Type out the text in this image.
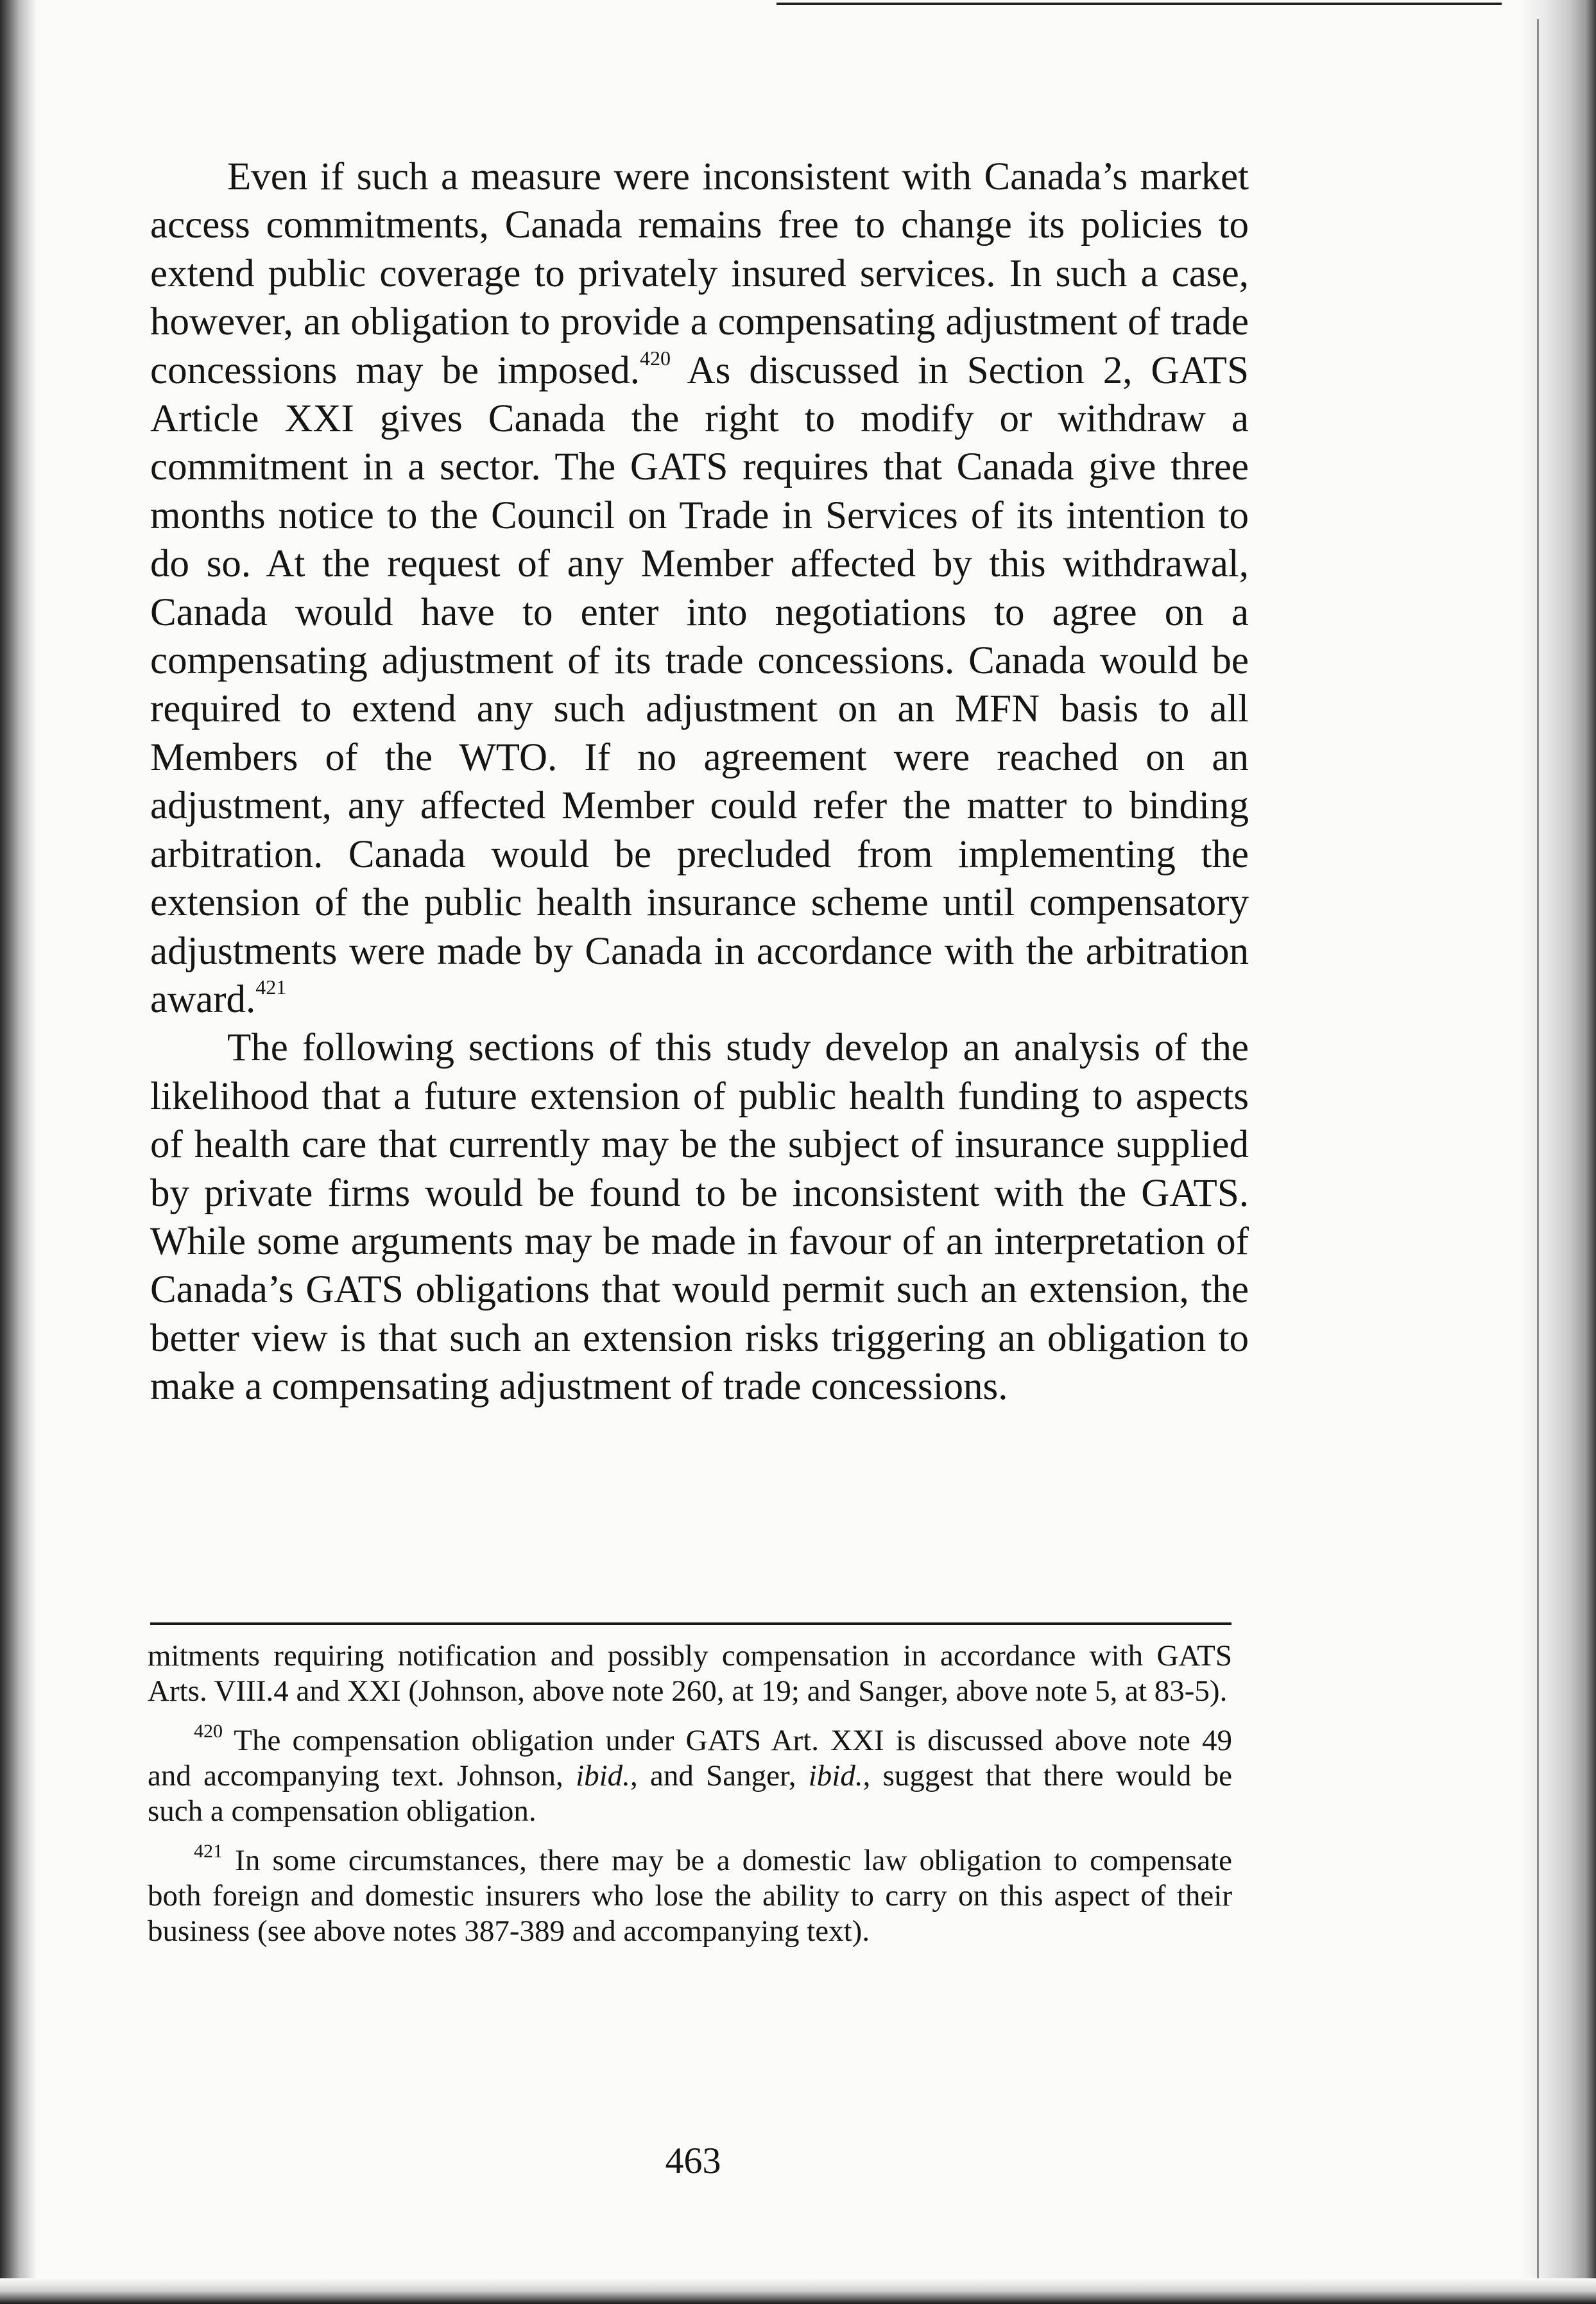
Even if such a measure were inconsistent with Canada’s market access commitments, Canada remains free to change its policies to extend public coverage to privately insured services. In such a case, however, an obligation to provide a compensating adjustment of trade concessions may be imposed.$^{420}$ As discussed in Section 2, GATS Article XXI gives Canada the right to modify or withdraw a commitment in a sector. The GATS requires that Canada give three months notice to the Council on Trade in Services of its intention to do so. At the request of any Member affected by this withdrawal, Canada would have to enter into negotiations to agree on a compensating adjustment of its trade concessions. Canada would be required to extend any such adjustment on an MFN basis to all Members of the WTO. If no agreement were reached on an adjustment, any affected Member could refer the matter to binding arbitration. Canada would be precluded from implementing the extension of the public health insurance scheme until compensatory adjustments were made by Canada in accordance with the arbitration award.$^{421}$

The following sections of this study develop an analysis of the likelihood that a future extension of public health funding to aspects of health care that currently may be the subject of insurance supplied by private firms would be found to be inconsistent with the GATS. While some arguments may be made in favour of an interpretation of Canada’s GATS obligations that would permit such an extension, the better view is that such an extension risks triggering an obligation to make a compensating adjustment of trade concessions.

mitments requiring notification and possibly compensation in accordance with GATS Arts. VIII.4 and XXI (Johnson, above note 260, at 19; and Sanger, above note 5, at 83-5).

$^{420}$ The compensation obligation under GATS Art. XXI is discussed above note 49 and accompanying text. Johnson, ibid., and Sanger, ibid., suggest that there would be such a compensation obligation.

$^{421}$ In some circumstances, there may be a domestic law obligation to compensate both foreign and domestic insurers who lose the ability to carry on this aspect of their business (see above notes 387-389 and accompanying text).

463
